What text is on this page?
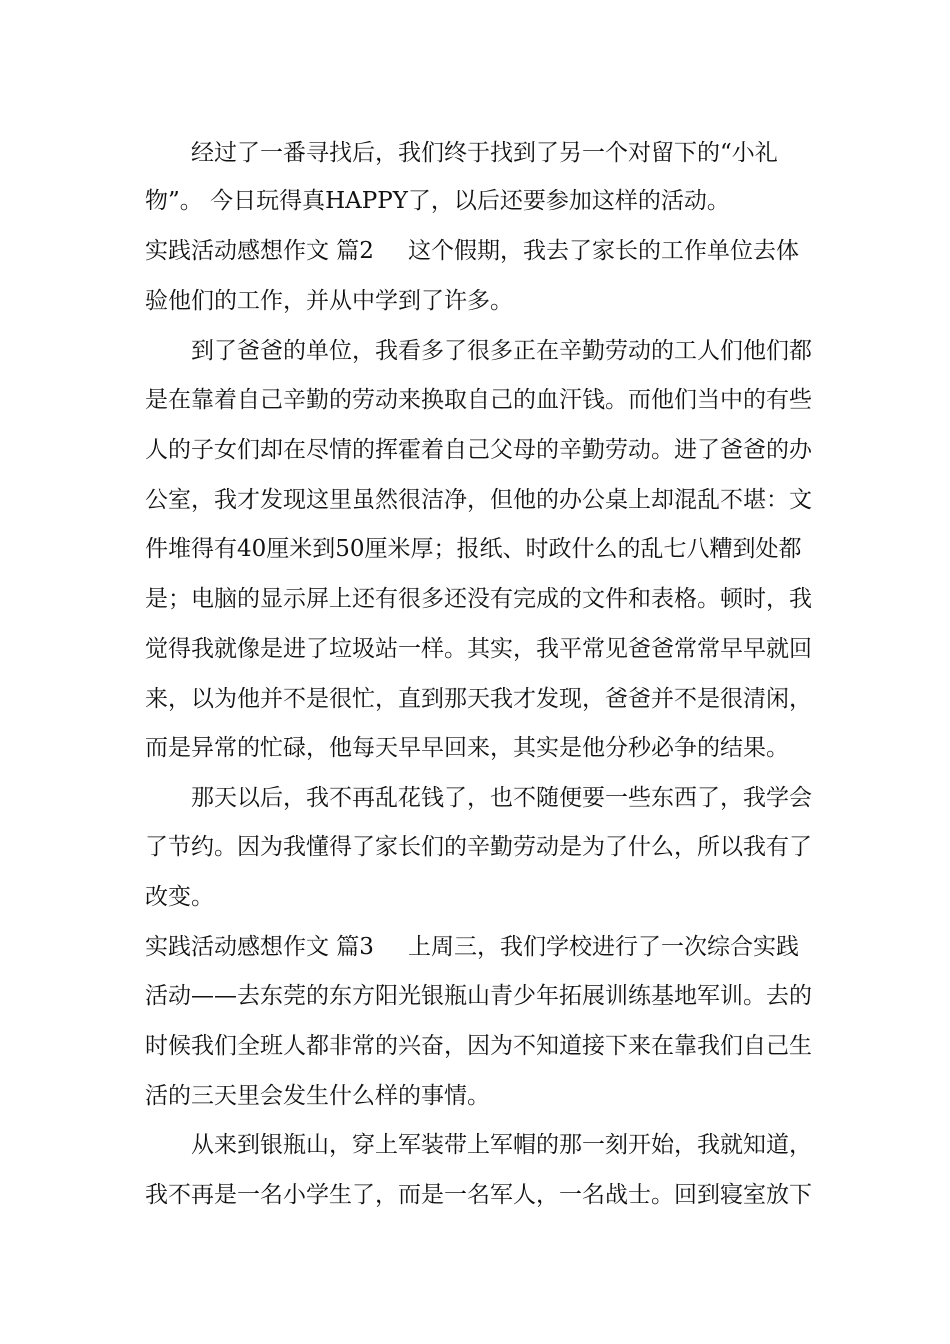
经过了一番寻找后，我们终于找到了另一个对留下的“小礼
物”。 今日玩得真HAPPY了，以后还要参加这样的活动。
实践活动感想作文 篇2 这个假期，我去了家长的工作单位去体
验他们的工作，并从中学到了许多。
到了爸爸的单位，我看多了很多正在辛勤劳动的工人们他们都
是在靠着自己辛勤的劳动来换取自己的血汗钱。而他们当中的有些
人的子女们却在尽情的挥霍着自己父母的辛勤劳动。进了爸爸的办
公室，我才发现这里虽然很洁净，但他的办公桌上却混乱不堪：文
件堆得有40厘米到50厘米厚；报纸、时政什么的乱七八糟到处都
是；电脑的显示屏上还有很多还没有完成的文件和表格。顿时，我
觉得我就像是进了垃圾站一样。其实，我平常见爸爸常常早早就回
来，以为他并不是很忙，直到那天我才发现，爸爸并不是很清闲，
而是异常的忙碌，他每天早早回来，其实是他分秒必争的结果。
那天以后，我不再乱花钱了，也不随便要一些东西了，我学会
了节约。因为我懂得了家长们的辛勤劳动是为了什么，所以我有了
改变。
实践活动感想作文 篇3 上周三，我们学校进行了一次综合实践
活动——去东莞的东方阳光银瓶山青少年拓展训练基地军训。去的
时候我们全班人都非常的兴奋，因为不知道接下来在靠我们自己生
活的三天里会发生什么样的事情。
从来到银瓶山，穿上军装带上军帽的那一刻开始，我就知道，
我不再是一名小学生了，而是一名军人，一名战士。回到寝室放下
